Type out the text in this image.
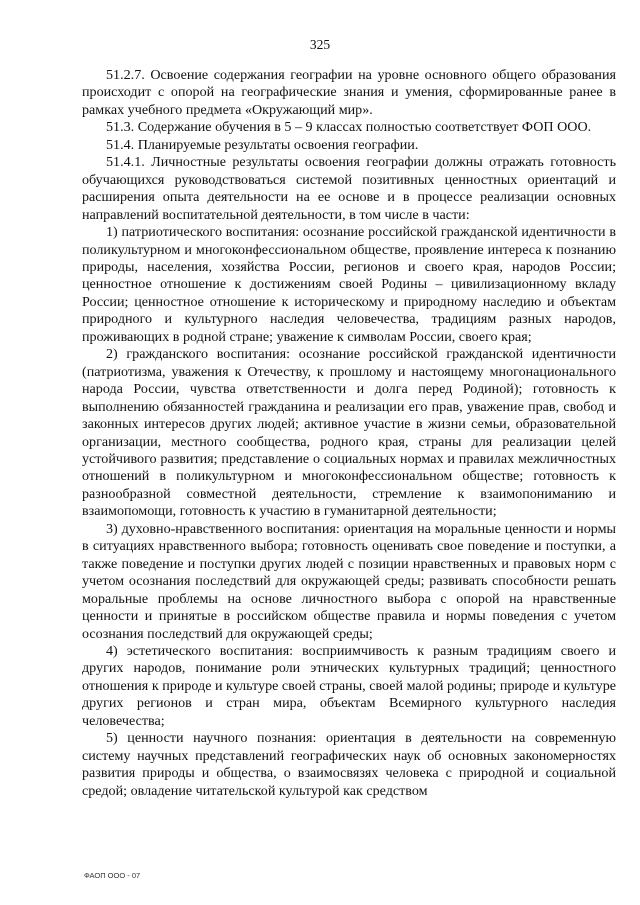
325

51.2.7. Освоение содержания географии на уровне основного общего образования происходит с опорой на географические знания и умения, сформированные ранее в рамках учебного предмета «Окружающий мир».

51.3. Содержание обучения в 5 – 9 классах полностью соответствует ФОП ООО.

51.4. Планируемые результаты освоения географии.

51.4.1. Личностные результаты освоения географии должны отражать готовность обучающихся руководствоваться системой позитивных ценностных ориентаций и расширения опыта деятельности на ее основе и в процессе реализации основных направлений воспитательной деятельности, в том числе в части:

1) патриотического воспитания: осознание российской гражданской идентичности в поликультурном и многоконфессиональном обществе, проявление интереса к познанию природы, населения, хозяйства России, регионов и своего края, народов России; ценностное отношение к достижениям своей Родины – цивилизационному вкладу России; ценностное отношение к историческому и природному наследию и объектам природного и культурного наследия человечества, традициям разных народов, проживающих в родной стране; уважение к символам России, своего края;

2) гражданского воспитания: осознание российской гражданской идентичности (патриотизма, уважения к Отечеству, к прошлому и настоящему многонационального народа России, чувства ответственности и долга перед Родиной); готовность к выполнению обязанностей гражданина и реализации его прав, уважение прав, свобод и законных интересов других людей; активное участие в жизни семьи, образовательной организации, местного сообщества, родного края, страны для реализации целей устойчивого развития; представление о социальных нормах и правилах межличностных отношений в поликультурном и многоконфессиональном обществе; готовность к разнообразной совместной деятельности, стремление к взаимопониманию и взаимопомощи, готовность к участию в гуманитарной деятельности;

3) духовно-нравственного воспитания: ориентация на моральные ценности и нормы в ситуациях нравственного выбора; готовность оценивать свое поведение и поступки, а также поведение и поступки других людей с позиции нравственных и правовых норм с учетом осознания последствий для окружающей среды; развивать способности решать моральные проблемы на основе личностного выбора с опорой на нравственные ценности и принятые в российском обществе правила и нормы поведения с учетом осознания последствий для окружающей среды;

4) эстетического воспитания: восприимчивость к разным традициям своего и других народов, понимание роли этнических культурных традиций; ценностного отношения к природе и культуре своей страны, своей малой родины; природе и культуре других регионов и стран мира, объектам Всемирного культурного наследия человечества;

5) ценности научного познания: ориентация в деятельности на современную систему научных представлений географических наук об основных закономерностях развития природы и общества, о взаимосвязях человека с природной и социальной средой; овладение читательской культурой как средством

ФАОП ООО - 07
